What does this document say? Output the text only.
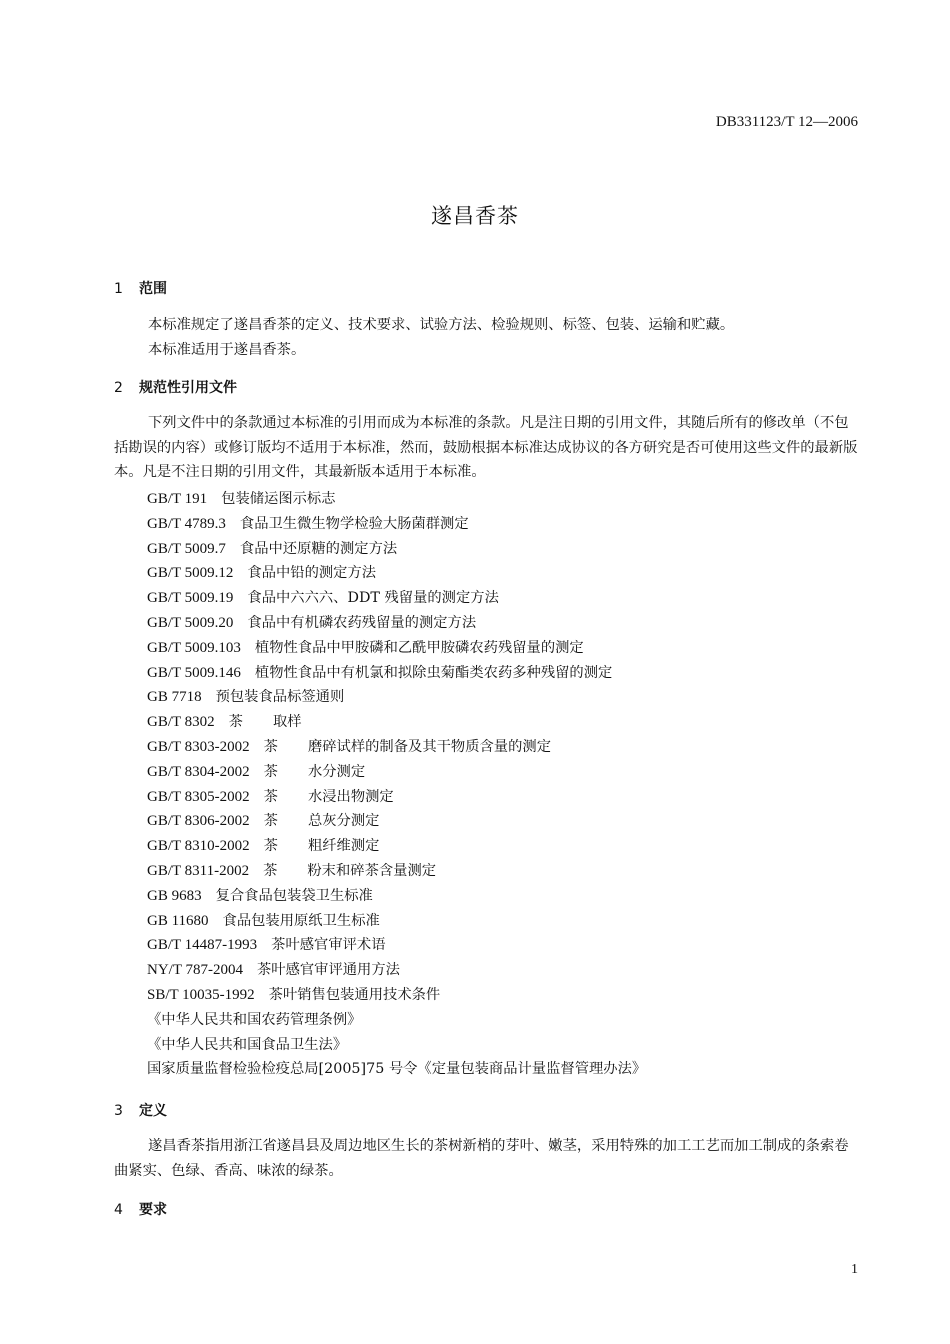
DB331123/T 12—2006
遂昌香茶
1 范围
本标准规定了遂昌香茶的定义、技术要求、试验方法、检验规则、标签、包装、运输和贮藏。
本标准适用于遂昌香茶。
2 规范性引用文件
下列文件中的条款通过本标准的引用而成为本标准的条款。凡是注日期的引用文件，其随后所有的修改单（不包括勘误的内容）或修订版均不适用于本标准，然而，鼓励根据本标准达成协议的各方研究是否可使用这些文件的最新版本。凡是不注日期的引用文件，其最新版本适用于本标准。
GB/T 191 包装储运图示标志
GB/T 4789.3 食品卫生微生物学检验大肠菌群测定
GB/T 5009.7 食品中还原糖的测定方法
GB/T 5009.12 食品中铅的测定方法
GB/T 5009.19 食品中六六六、DDT 残留量的测定方法
GB/T 5009.20 食品中有机磷农药残留量的测定方法
GB/T 5009.103 植物性食品中甲胺磷和乙酰甲胺磷农药残留量的测定
GB/T 5009.146 植物性食品中有机氯和拟除虫菊酯类农药多种残留的测定
GB 7718 预包装食品标签通则
GB/T 8302 茶 取样
GB/T 8303-2002 茶 磨碎试样的制备及其干物质含量的测定
GB/T 8304-2002 茶 水分测定
GB/T 8305-2002 茶 水浸出物测定
GB/T 8306-2002 茶 总灰分测定
GB/T 8310-2002 茶 粗纤维测定
GB/T 8311-2002 茶 粉末和碎茶含量测定
GB 9683 复合食品包装袋卫生标准
GB 11680 食品包装用原纸卫生标准
GB/T 14487-1993 茶叶感官审评术语
NY/T 787-2004 茶叶感官审评通用方法
SB/T 10035-1992 茶叶销售包装通用技术条件
《中华人民共和国农药管理条例》
《中华人民共和国食品卫生法》
国家质量监督检验检疫总局[2005]75 号令《定量包装商品计量监督管理办法》
3 定义
遂昌香茶指用浙江省遂昌县及周边地区生长的茶树新梢的芽叶、嫩茎，采用特殊的加工工艺而加工制成的条索卷曲紧实、色绿、香高、味浓的绿茶。
4 要求
1
